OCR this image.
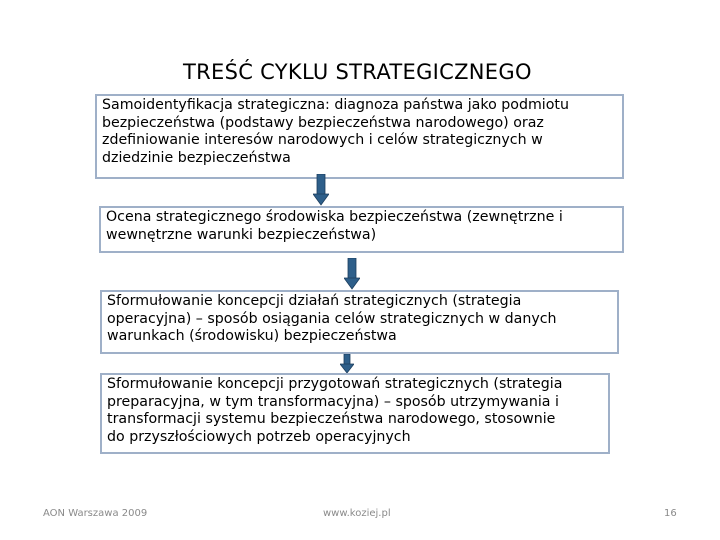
TREŚĆ CYKLU STRATEGICZNEGO

Samoidentyfikacja strategiczna: diagnoza państwa jako podmiotu

bezpieczeństwa (podstawy bezpieczeństwa narodowego) oraz

zdefiniowanie interesów narodowych i celów strategicznych w

dziedzinie bezpieczeństwa

Ocena strategicznego środowiska bezpieczeństwa (zewnętrzne i

wewnętrzne warunki bezpieczeństwa)

Sformułowanie koncepcji działań strategicznych (strategia

operacyjna) – sposób osiągania celów strategicznych w danych

warunkach (środowisku) bezpieczeństwa

Sformułowanie koncepcji przygotowań strategicznych (strategia

preparacyjna, w tym transformacyjna) – sposób utrzymywania i

transformacji systemu bezpieczeństwa narodowego, stosownie

do przyszłościowych potrzeb operacyjnych

AON Warszawa 2009	www.koziej.pl	16
